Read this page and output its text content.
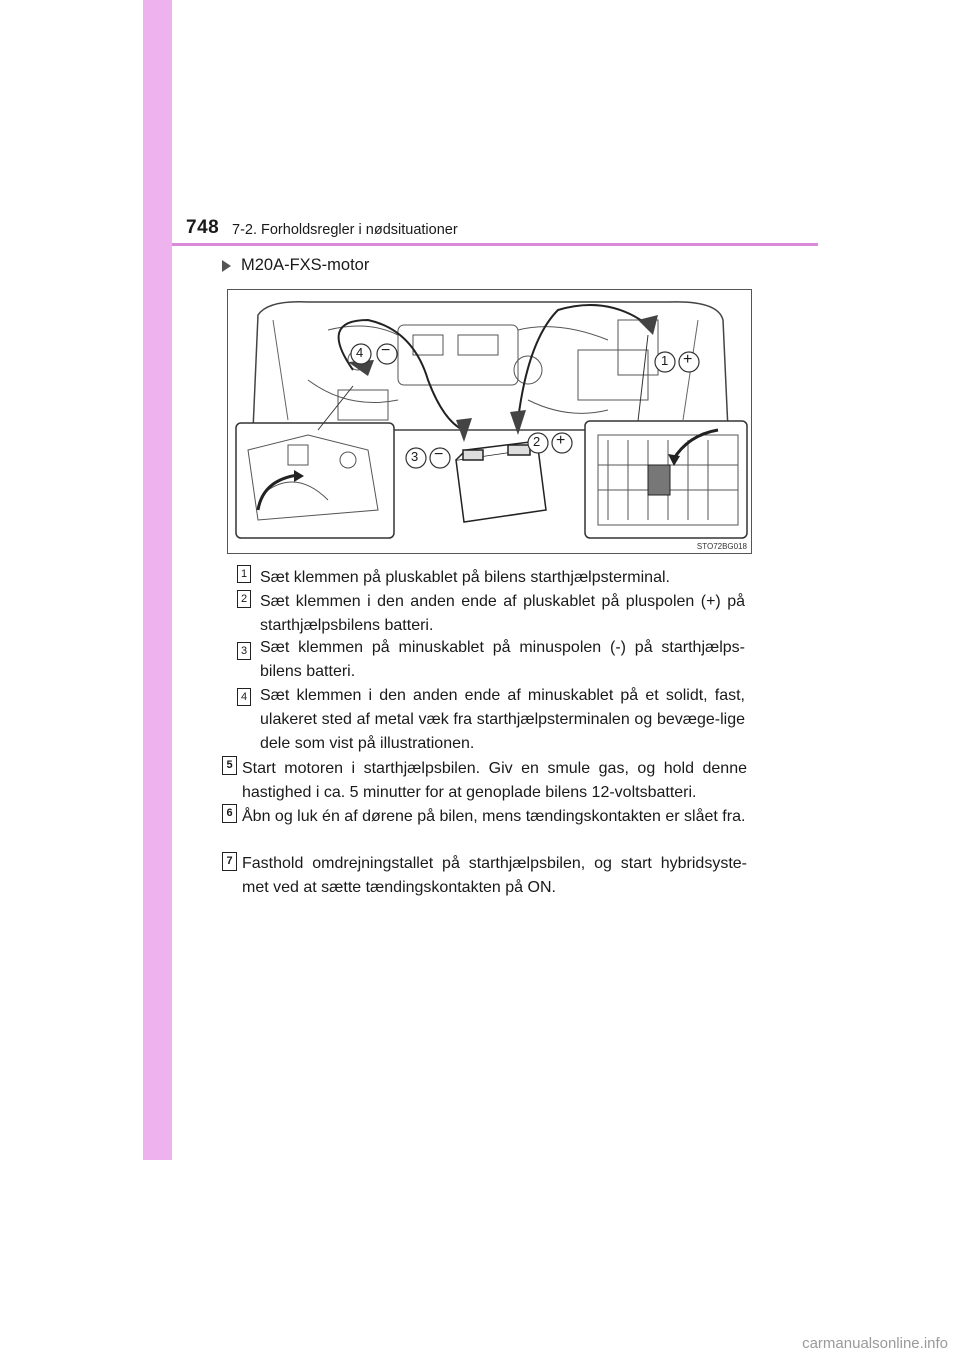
748 7-2. Forholdsregler i nødsituationer
M20A-FXS-motor
4 −
1 +
2 +
3 −
STO72BG018
1 Sæt klemmen på pluskablet på bilens starthjælpsterminal.
2 Sæt klemmen i den anden ende af pluskablet på pluspolen (+) på starthjælpsbilens batteri.
3 Sæt klemmen på minuskablet på minuspolen (-) på starthjælps-bilens batteri.
4 Sæt klemmen i den anden ende af minuskablet på et solidt, fast, ulakeret sted af metal væk fra starthjælpsterminalen og bevæge-lige dele som vist på illustrationen.
5 Start motoren i starthjælpsbilen. Giv en smule gas, og hold denne hastighed i ca. 5 minutter for at genoplade bilens 12-voltsbatteri.
6 Åbn og luk én af dørene på bilen, mens tændingskontakten er slået fra.
7 Fasthold omdrejningstallet på starthjælpsbilen, og start hybridsyste-met ved at sætte tændingskontakten på ON.
carmanualsonline.info
